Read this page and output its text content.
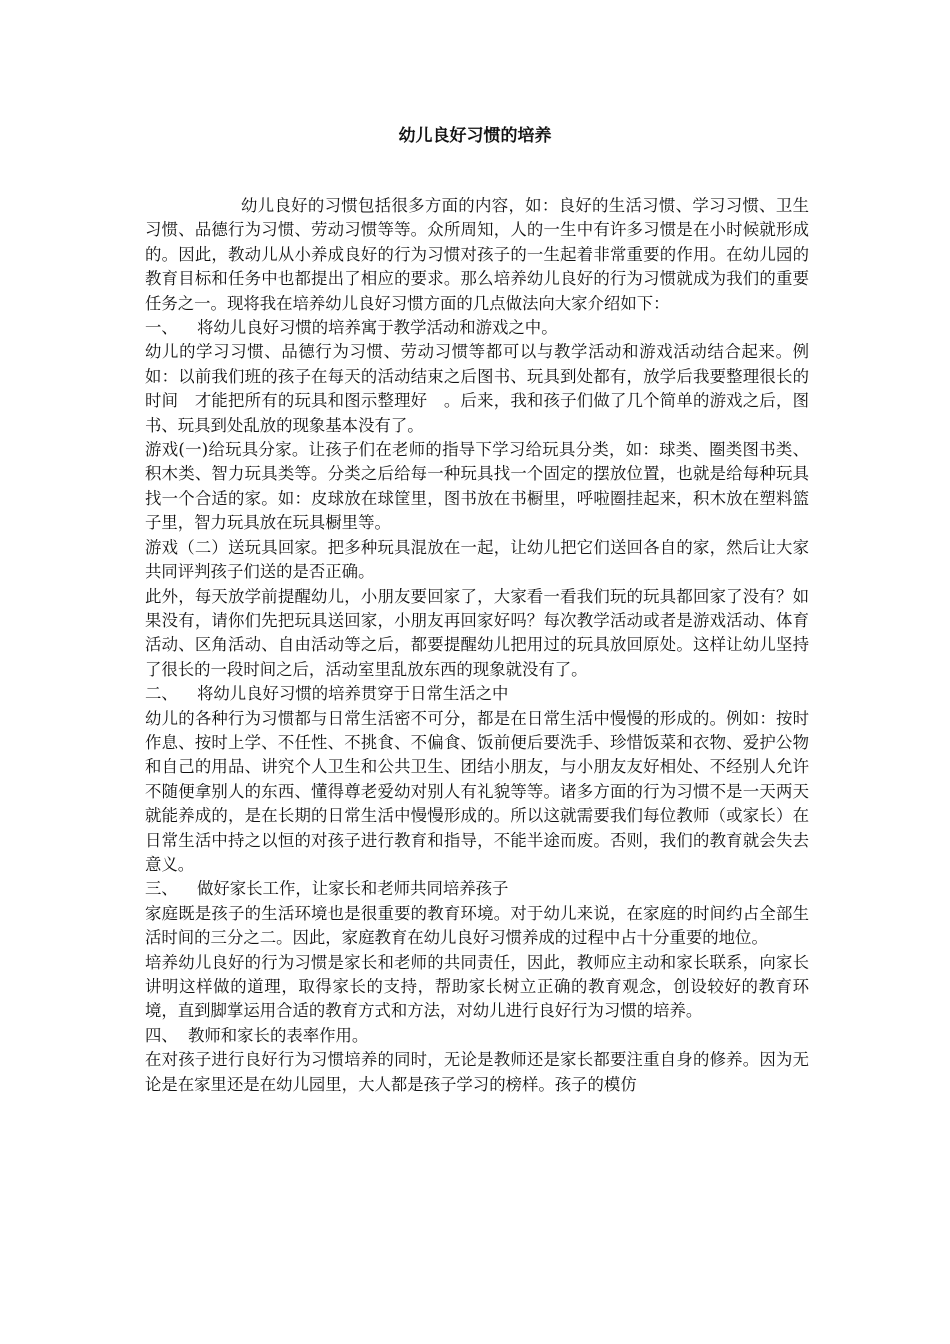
幼儿良好习惯的培养

幼儿良好的习惯包括很多方面的内容，如：良好的生活习惯、学习习惯、卫生习惯、品德行为习惯、劳动习惯等等。众所周知，人的一生中有许多习惯是在小时候就形成的。因此，教动儿从小养成良好的行为习惯对孩子的一生起着非常重要的作用。在幼儿园的教育目标和任务中也都提出了相应的要求。那么培养幼儿良好的行为习惯就成为我们的重要任务之一。现将我在培养幼儿良好习惯方面的几点做法向大家介绍如下：

一、 将幼儿良好习惯的培养寓于教学活动和游戏之中。

幼儿的学习习惯、品德行为习惯、劳动习惯等都可以与教学活动和游戏活动结合起来。例如：以前我们班的孩子在每天的活动结束之后图书、玩具到处都有，放学后我要整理很长的时间　才能把所有的玩具和图示整理好　。后来，我和孩子们做了几个简单的游戏之后，图书、玩具到处乱放的现象基本没有了。

游戏(一)给玩具分家。让孩子们在老师的指导下学习给玩具分类，如：球类、圈类图书类、积木类、智力玩具类等。分类之后给每一种玩具找一个固定的摆放位置，也就是给每种玩具找一个合适的家。如：皮球放在球筐里，图书放在书橱里，呼啦圈挂起来，积木放在塑料篮子里，智力玩具放在玩具橱里等。

游戏（二）送玩具回家。把多种玩具混放在一起，让幼儿把它们送回各自的家，然后让大家共同评判孩子们送的是否正确。

此外，每天放学前提醒幼儿，小朋友要回家了，大家看一看我们玩的玩具都回家了没有？如果没有，请你们先把玩具送回家，小朋友再回家好吗？每次教学活动或者是游戏活动、体育活动、区角活动、自由活动等之后，都要提醒幼儿把用过的玩具放回原处。这样让幼儿坚持了很长的一段时间之后，活动室里乱放东西的现象就没有了。

二、 将幼儿良好习惯的培养贯穿于日常生活之中

幼儿的各种行为习惯都与日常生活密不可分，都是在日常生活中慢慢的形成的。例如：按时作息、按时上学、不任性、不挑食、不偏食、饭前便后要洗手、珍惜饭菜和衣物、爱护公物和自己的用品、讲究个人卫生和公共卫生、团结小朋友，与小朋友友好相处、不经别人允许不随便拿别人的东西、懂得尊老爱幼对别人有礼貌等等。诸多方面的行为习惯不是一天两天就能养成的，是在长期的日常生活中慢慢形成的。所以这就需要我们每位教师（或家长）在日常生活中持之以恒的对孩子进行教育和指导，不能半途而废。否则，我们的教育就会失去意义。

三、 做好家长工作，让家长和老师共同培养孩子

家庭既是孩子的生活环境也是很重要的教育环境。对于幼儿来说，在家庭的时间约占全部生活时间的三分之二。因此，家庭教育在幼儿良好习惯养成的过程中占十分重要的地位。

培养幼儿良好的行为习惯是家长和老师的共同责任，因此，教师应主动和家长联系，向家长讲明这样做的道理，取得家长的支持，帮助家长树立正确的教育观念，创设较好的教育环境，直到脚掌运用合适的教育方式和方法，对幼儿进行良好行为习惯的培养。

四、 教师和家长的表率作用。

在对孩子进行良好行为习惯培养的同时，无论是教师还是家长都要注重自身的修养。因为无论是在家里还是在幼儿园里，大人都是孩子学习的榜样。孩子的模仿
